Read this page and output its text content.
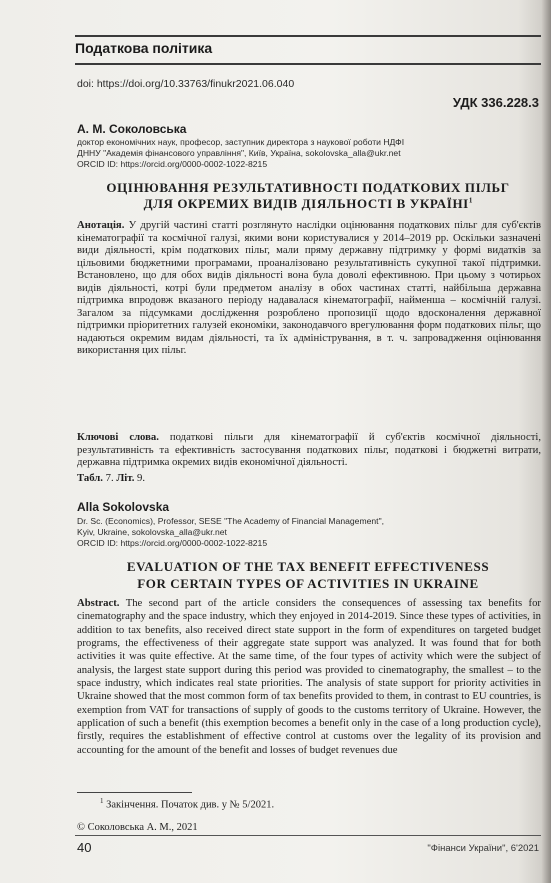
Податкова політика
doi: https://doi.org/10.33763/finukr2021.06.040
УДК 336.228.3
А. М. Соколовська
доктор економічних наук, професор, заступник директора з наукової роботи НДФІ
ДННУ "Академія фінансового управління", Київ, Україна, sokolovska_alla@ukr.net
ORCID ID: https://orcid.org/0000-0002-1022-8215
ОЦІНЮВАННЯ РЕЗУЛЬТАТИВНОСТІ ПОДАТКОВИХ ПІЛЬГ
ДЛЯ ОКРЕМИХ ВИДІВ ДІЯЛЬНОСТІ В УКРАЇНІ$^1$
Анотація. У другій частині статті розглянуто наслідки оцінювання податкових пільг для суб'єктів кінематографії та космічної галузі, якими вони користувалися у 2014–2019 рр. Оскільки зазначені види діяльності, крім податкових пільг, мали пряму державну підтримку у формі видатків за цільовими бюджетними програмами, проаналізовано результативність сукупної такої підтримки. Встановлено, що для обох видів діяльності вона була доволі ефективною. При цьому з чотирьох видів діяльності, котрі були предметом аналізу в обох частинах статті, найбільша державна підтримка впродовж вказаного періоду надавалася кінематографії, найменша – космічній галузі. Загалом за підсумками дослідження розроблено пропозиції щодо вдосконалення державної підтримки пріоритетних галузей економіки, законодавчого врегулювання форм податкових пільг, що надаються окремим видам діяльності, та їх адміністрування, в т. ч. запровадження оцінювання використання цих пільг.
Ключові слова. податкові пільги для кінематографії й суб'єктів космічної діяльності, результативність та ефективність застосування податкових пільг, податкові і бюджетні витрати, державна підтримка окремих видів економічної діяльності.
Табл. 7. Літ. 9.
Alla Sokolovska
Dr. Sc. (Economics), Professor, SESE "The Academy of Financial Management",
Kyiv, Ukraine, sokolovska_alla@ukr.net
ORCID ID: https://orcid.org/0000-0002-1022-8215
EVALUATION OF THE TAX BENEFIT EFFECTIVENESS
FOR CERTAIN TYPES OF ACTIVITIES IN UKRAINE
Abstract. The second part of the article considers the consequences of assessing tax benefits for cinematography and the space industry, which they enjoyed in 2014-2019. Since these types of activities, in addition to tax benefits, also received direct state support in the form of expenditures on targeted budget programs, the effectiveness of their aggregate state support was analyzed. It was found that for both activities it was quite effective. At the same time, of the four types of activity which were the subject of analysis, the largest state support during this period was provided to cinematography, the smallest – to the space industry, which indicates real state priorities. The analysis of state support for priority activities in Ukraine showed that the most common form of tax benefits provided to them, in contrast to EU countries, is exemption from VAT for transactions of supply of goods to the customs territory of Ukraine. However, the application of such a benefit (this exemption becomes a benefit only in the case of a long production cycle), firstly, requires the establishment of effective control at customs over the legality of its provision and accounting for the amount of the benefit and losses of budget revenues due
$^1$ Закінчення. Початок див. у № 5/2021.
© Соколовська А. М., 2021
40	"Фінанси України", 6'2021
